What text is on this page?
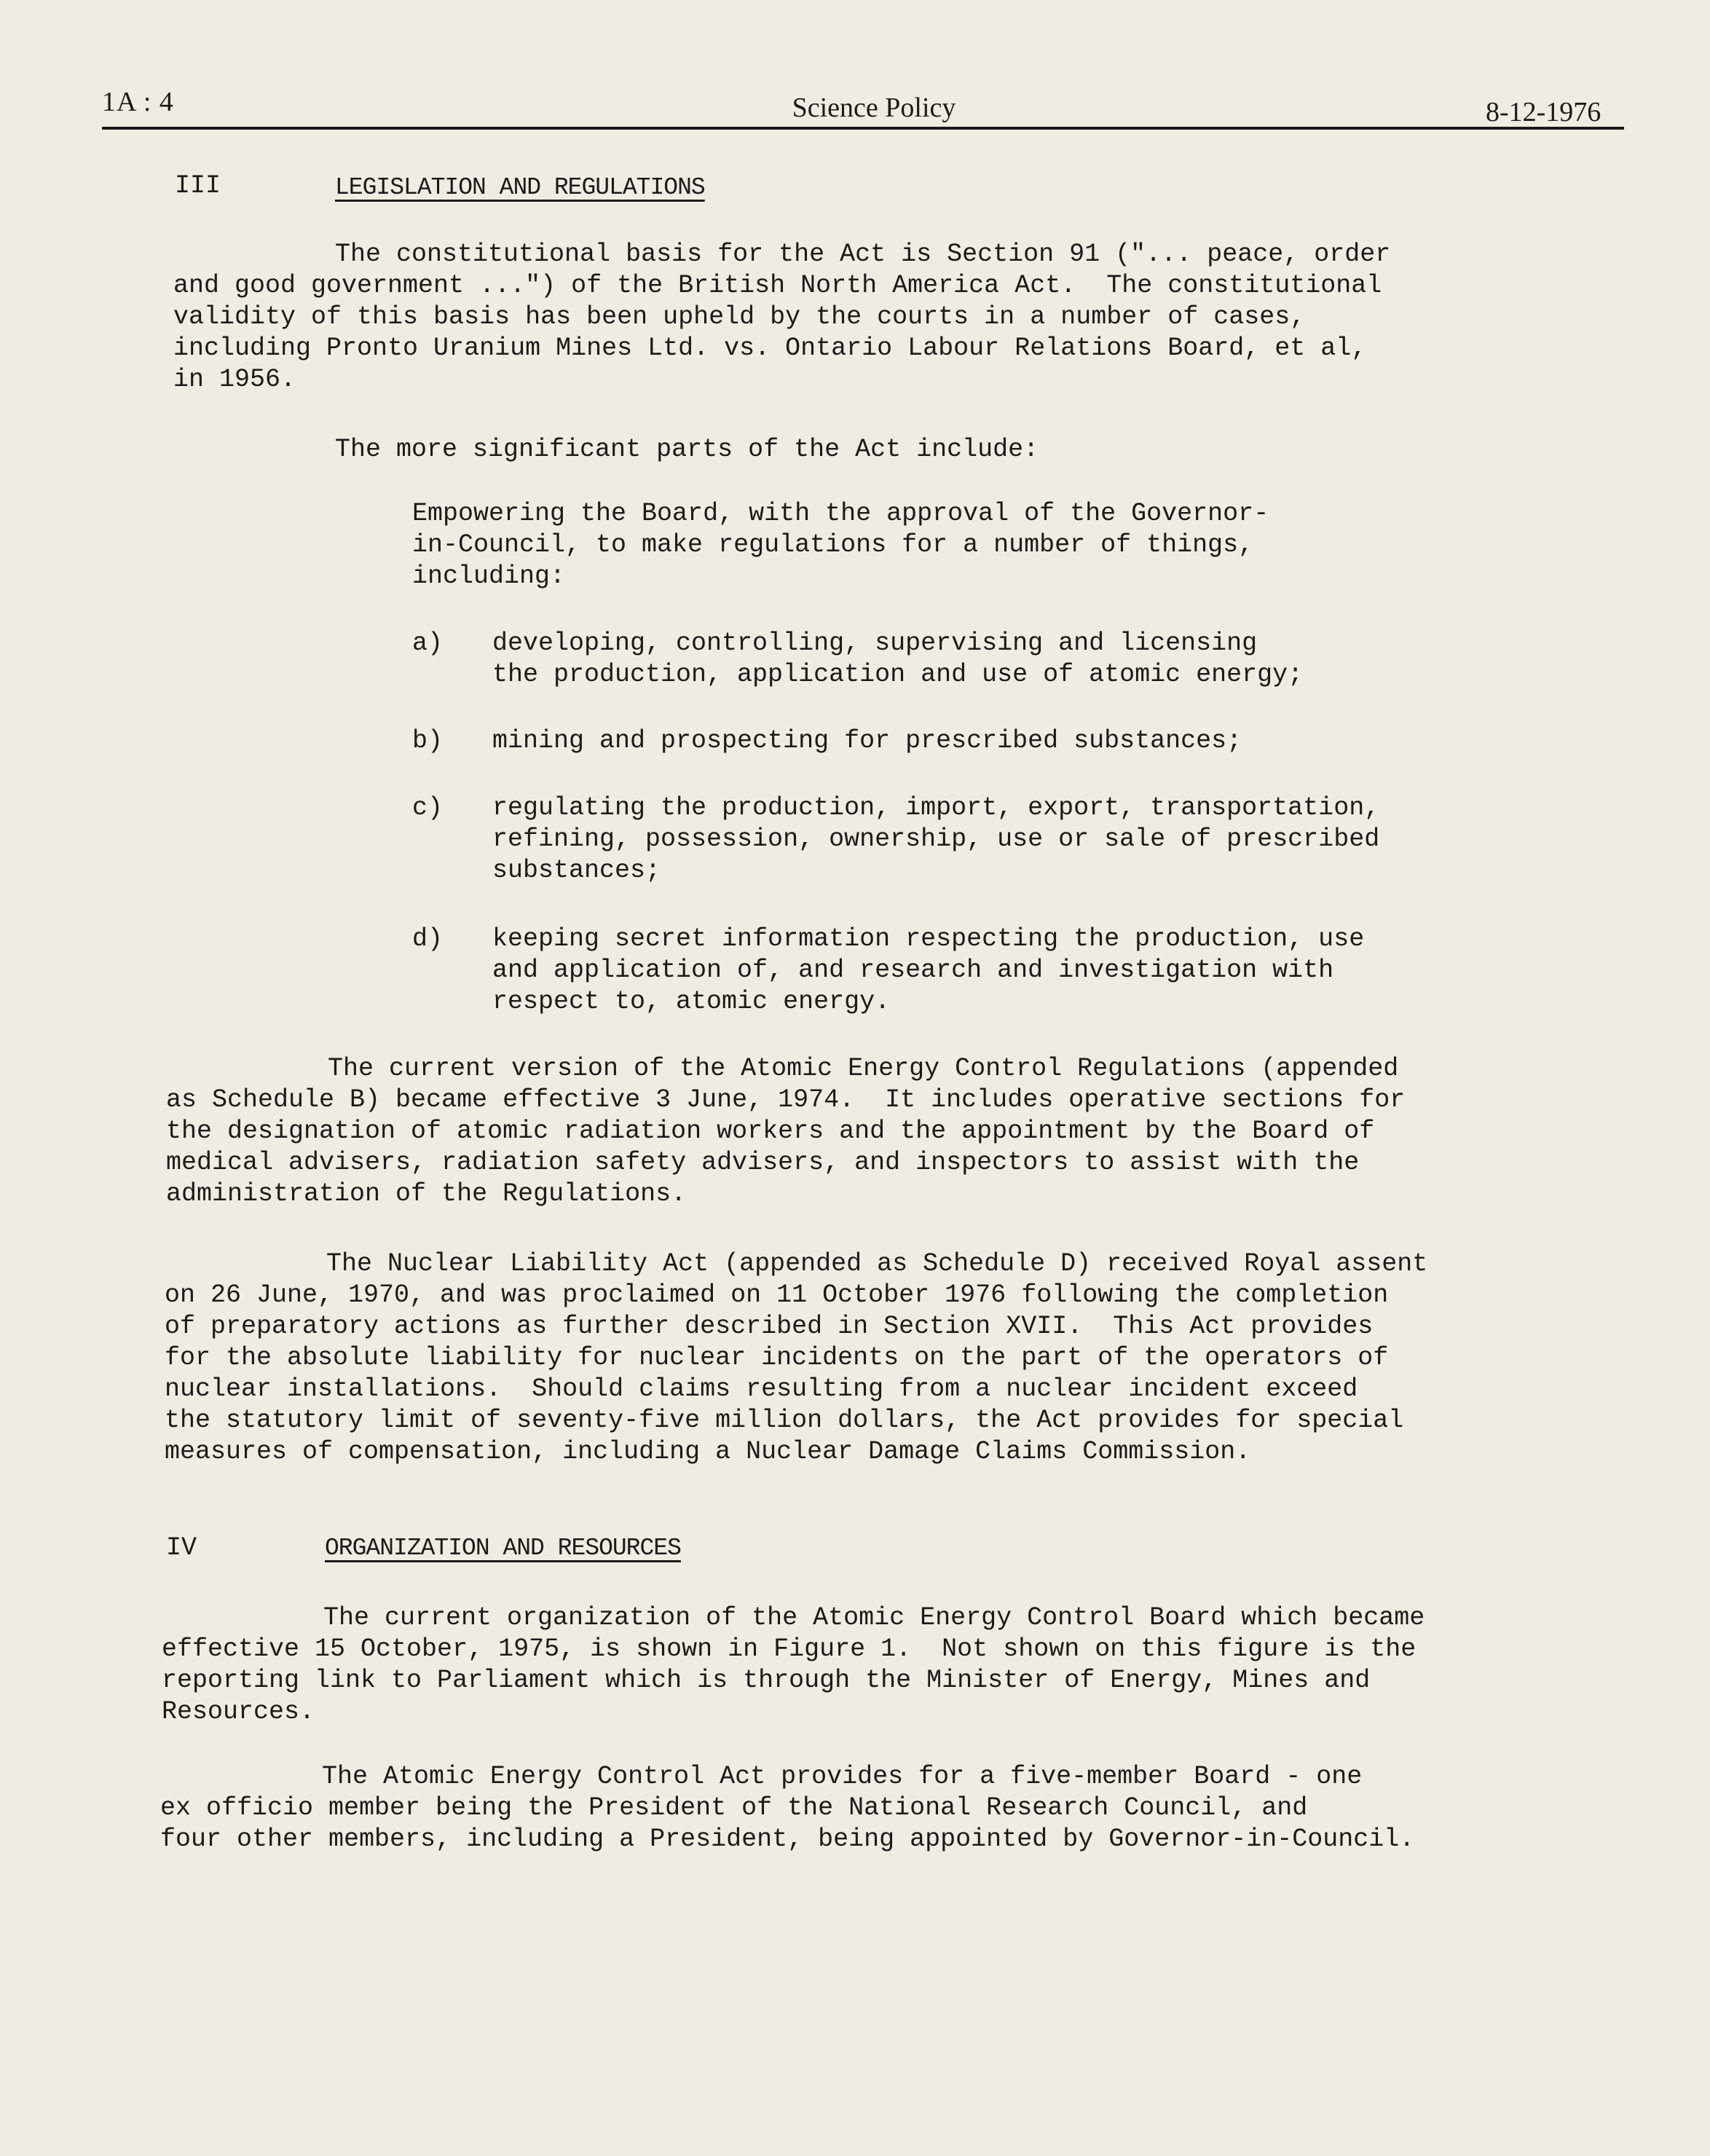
1A : 4	Science Policy	8-12-1976
III	LEGISLATION AND REGULATIONS
The constitutional basis for the Act is Section 91 ("... peace, order
and good government ...") of the British North America Act.  The constitutional
validity of this basis has been upheld by the courts in a number of cases,
including Pronto Uranium Mines Ltd. vs. Ontario Labour Relations Board, et al,
in 1956.
The more significant parts of the Act include:
Empowering the Board, with the approval of the Governor-
in-Council, to make regulations for a number of things,
including:
a) developing, controlling, supervising and licensing
the production, application and use of atomic energy;
b) mining and prospecting for prescribed substances;
c) regulating the production, import, export, transportation,
refining, possession, ownership, use or sale of prescribed
substances;
d) keeping secret information respecting the production, use
and application of, and research and investigation with
respect to, atomic energy.
The current version of the Atomic Energy Control Regulations (appended
as Schedule B) became effective 3 June, 1974.  It includes operative sections for
the designation of atomic radiation workers and the appointment by the Board of
medical advisers, radiation safety advisers, and inspectors to assist with the
administration of the Regulations.
The Nuclear Liability Act (appended as Schedule D) received Royal assent
on 26 June, 1970, and was proclaimed on 11 October 1976 following the completion
of preparatory actions as further described in Section XVII.  This Act provides
for the absolute liability for nuclear incidents on the part of the operators of
nuclear installations.  Should claims resulting from a nuclear incident exceed
the statutory limit of seventy-five million dollars, the Act provides for special
measures of compensation, including a Nuclear Damage Claims Commission.
IV	ORGANIZATION AND RESOURCES
The current organization of the Atomic Energy Control Board which became
effective 15 October, 1975, is shown in Figure 1.  Not shown on this figure is the
reporting link to Parliament which is through the Minister of Energy, Mines and
Resources.
The Atomic Energy Control Act provides for a five-member Board - one
ex officio member being the President of the National Research Council, and
four other members, including a President, being appointed by Governor-in-Council.
